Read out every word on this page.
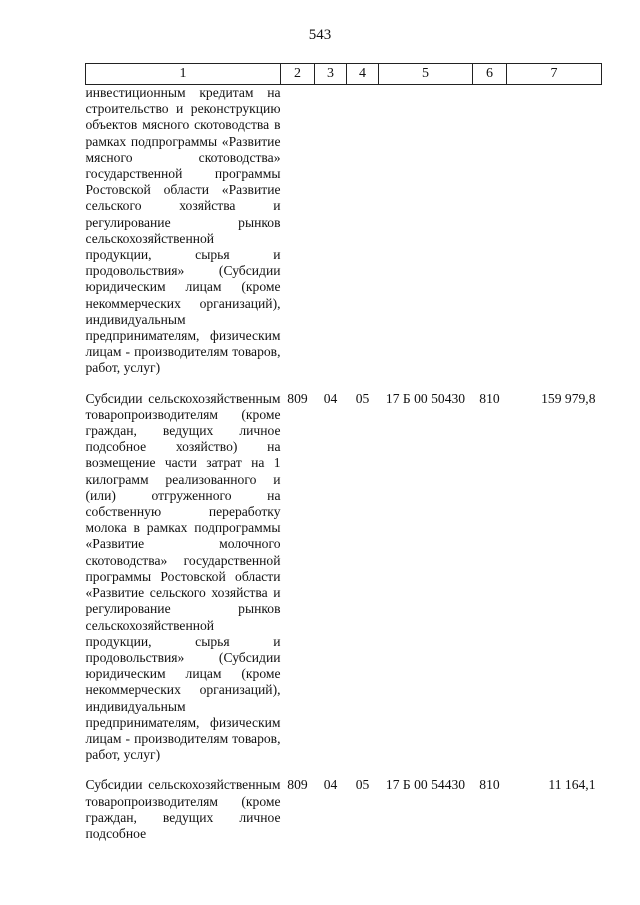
543
1	2	3	4	5	6	7
инвестиционным кредитам на строительство и реконструкцию объектов мясного скотоводства в рамках подпрограммы «Развитие мясного скотоводства» государственной программы Ростовской области «Развитие сельского хозяйства и регулирование рынков сельскохозяйственной продукции, сырья и продовольствия» (Субсидии юридическим лицам (кроме некоммерческих организаций), индивидуальным предпринимателям, физическим лицам - производителям товаров, работ, услуг)						
Субсидии сельскохозяйственным товаропроизводителям (кроме граждан, ведущих личное подсобное хозяйство) на возмещение части затрат на 1 килограмм реализованного и (или) отгруженного на собственную переработку молока в рамках подпрограммы «Развитие молочного скотоводства» государственной программы Ростовской области «Развитие сельского хозяйства и регулирование рынков сельскохозяйственной продукции, сырья и продовольствия» (Субсидии юридическим лицам (кроме некоммерческих организаций), индивидуальным предпринимателям, физическим лицам - производителям товаров, работ, услуг)	809	04	05	17 Б 00 50430	810	159 979,8
Субсидии сельскохозяйственным товаропроизводителям (кроме граждан, ведущих личное подсобное	809	04	05	17 Б 00 54430	810	11 164,1
